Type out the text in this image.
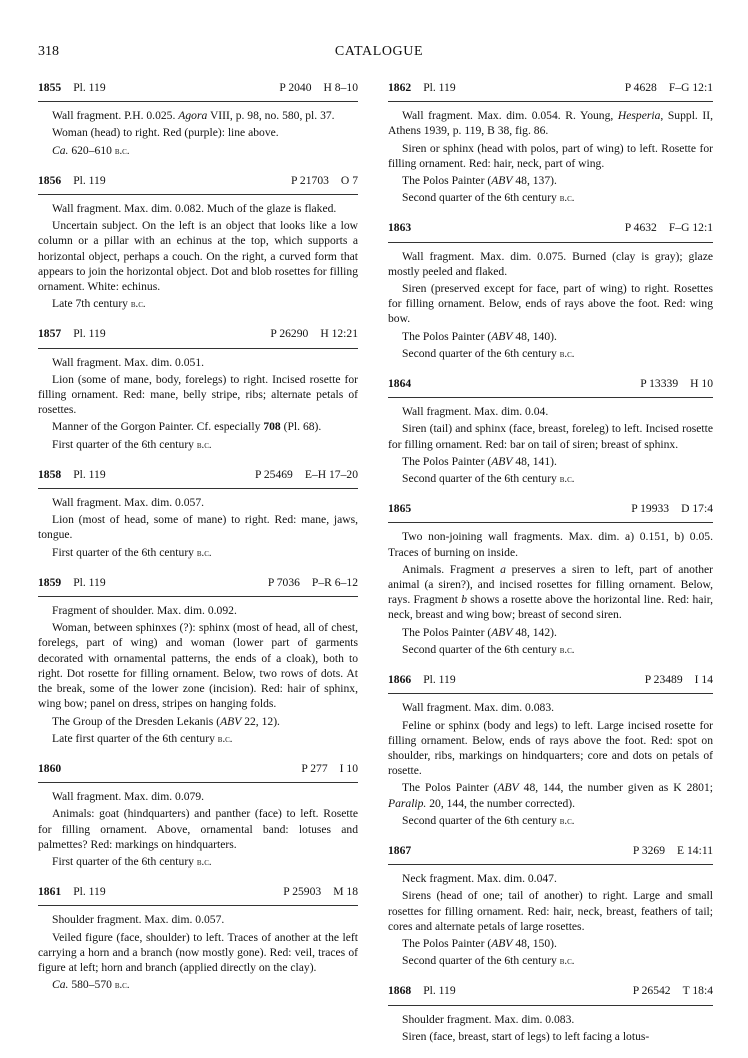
318	CATALOGUE
1855 Pl. 119	P 2040 H 8–10

Wall fragment. P.H. 0.025. Agora VIII, p. 98, no. 580, pl. 37.

Woman (head) to right. Red (purple): line above.

Ca. 620–610 b.c.

1856 Pl. 119	P 21703 O 7

Wall fragment. Max. dim. 0.082. Much of the glaze is flaked.

Uncertain subject. On the left is an object that looks like a low column or a pillar with an echinus at the top, which supports a horizontal object, perhaps a couch. On the right, a curved form that appears to join the horizontal object. Dot and blob rosettes for filling ornament. White: echinus.

Late 7th century b.c.

1857 Pl. 119	P 26290 H 12:21

Wall fragment. Max. dim. 0.051.

Lion (some of mane, body, forelegs) to right. Incised rosette for filling ornament. Red: mane, belly stripe, ribs; alternate petals of rosettes.

Manner of the Gorgon Painter. Cf. especially 708 (Pl. 68).

First quarter of the 6th century b.c.

1858 Pl. 119	P 25469 E–H 17–20

Wall fragment. Max. dim. 0.057.

Lion (most of head, some of mane) to right. Red: mane, jaws, tongue.

First quarter of the 6th century b.c.

1859 Pl. 119	P 7036 P–R 6–12

Fragment of shoulder. Max. dim. 0.092.

Woman, between sphinxes (?): sphinx (most of head, all of chest, forelegs, part of wing) and woman (lower part of garments decorated with ornamental patterns, the ends of a cloak), both to right. Dot rosette for filling ornament. Below, two rows of dots. At the break, some of the lower zone (incision). Red: hair of sphinx, wing bow; panel on dress, stripes on hanging folds.

The Group of the Dresden Lekanis (ABV 22, 12).

Late first quarter of the 6th century b.c.

1860	P 277 I 10

Wall fragment. Max. dim. 0.079.

Animals: goat (hindquarters) and panther (face) to left. Rosette for filling ornament. Above, ornamental band: lotuses and palmettes? Red: markings on hindquarters.

First quarter of the 6th century b.c.

1861 Pl. 119	P 25903 M 18

Shoulder fragment. Max. dim. 0.057.

Veiled figure (face, shoulder) to left. Traces of another at the left carrying a horn and a branch (now mostly gone). Red: veil, traces of figure at left; horn and branch (applied directly on the clay).

Ca. 580–570 b.c.

1862 Pl. 119	P 4628 F–G 12:1

Wall fragment. Max. dim. 0.054. R. Young, Hesperia, Suppl. II, Athens 1939, p. 119, B 38, fig. 86.

Siren or sphinx (head with polos, part of wing) to left. Rosette for filling ornament. Red: hair, neck, part of wing.

The Polos Painter (ABV 48, 137).

Second quarter of the 6th century b.c.

1863	P 4632 F–G 12:1

Wall fragment. Max. dim. 0.075. Burned (clay is gray); glaze mostly peeled and flaked.

Siren (preserved except for face, part of wing) to right. Rosettes for filling ornament. Below, ends of rays above the foot. Red: wing bow.

The Polos Painter (ABV 48, 140).

Second quarter of the 6th century b.c.

1864	P 13339 H 10

Wall fragment. Max. dim. 0.04.

Siren (tail) and sphinx (face, breast, foreleg) to left. Incised rosette for filling ornament. Red: bar on tail of siren; breast of sphinx.

The Polos Painter (ABV 48, 141).

Second quarter of the 6th century b.c.

1865	P 19933 D 17:4

Two non-joining wall fragments. Max. dim. a) 0.151, b) 0.05. Traces of burning on inside.

Animals. Fragment a preserves a siren to left, part of another animal (a siren?), and incised rosettes for filling ornament. Below, rays. Fragment b shows a rosette above the horizontal line. Red: hair, neck, breast and wing bow; breast of second siren.

The Polos Painter (ABV 48, 142).

Second quarter of the 6th century b.c.

1866 Pl. 119	P 23489 I 14

Wall fragment. Max. dim. 0.083.

Feline or sphinx (body and legs) to left. Large incised rosette for filling ornament. Below, ends of rays above the foot. Red: spot on shoulder, ribs, markings on hindquarters; core and dots on petals of rosette.

The Polos Painter (ABV 48, 144, the number given as K 2801; Paralip. 20, 144, the number corrected).

Second quarter of the 6th century b.c.

1867	P 3269 E 14:11

Neck fragment. Max. dim. 0.047.

Sirens (head of one; tail of another) to right. Large and small rosettes for filling ornament. Red: hair, neck, breast, feathers of tail; cores and alternate petals of large rosettes.

The Polos Painter (ABV 48, 150).

Second quarter of the 6th century b.c.

1868 Pl. 119	P 26542 T 18:4

Shoulder fragment. Max. dim. 0.083.

Siren (face, breast, start of legs) to left facing a lotus-
